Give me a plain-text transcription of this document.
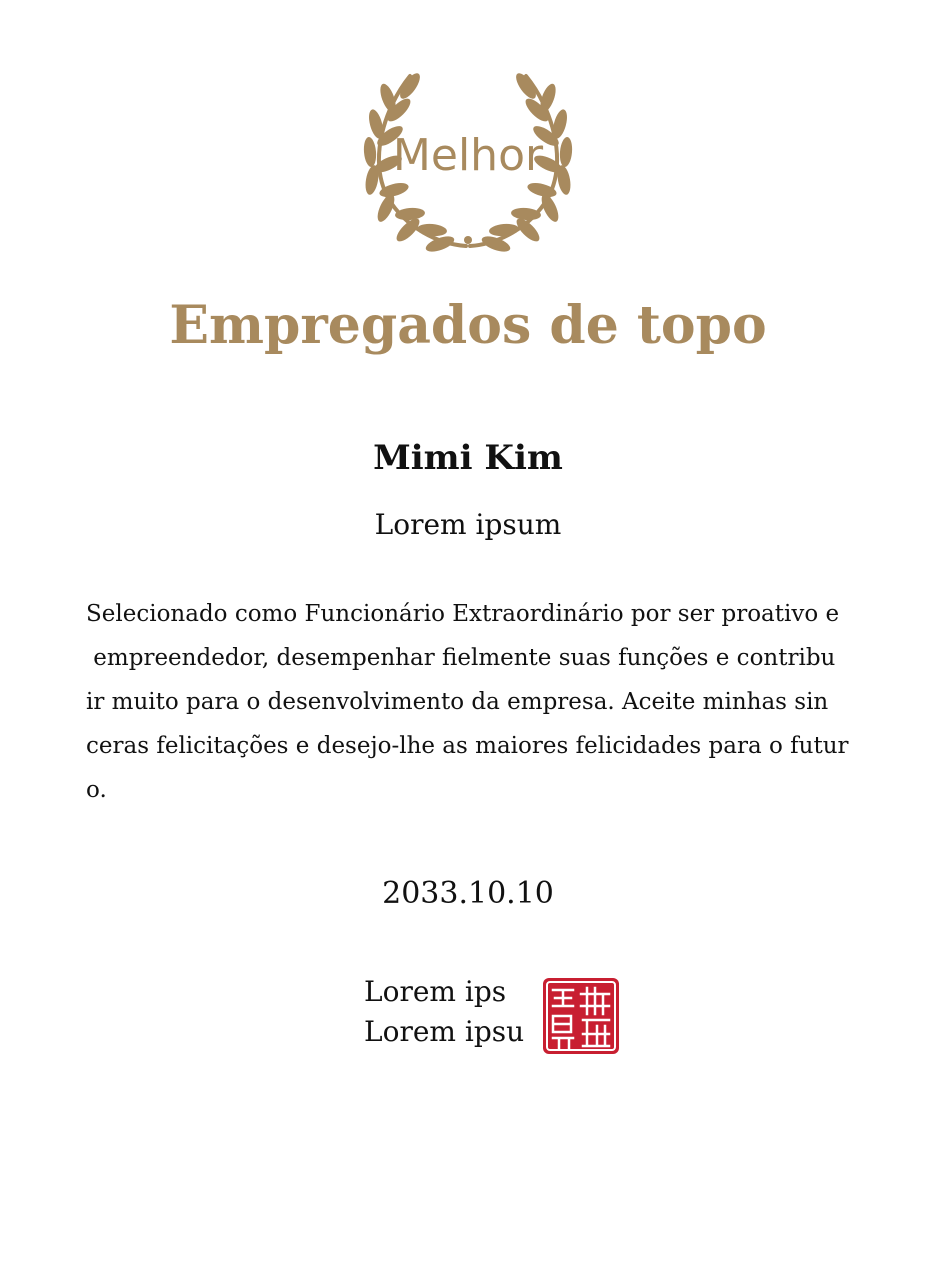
Melhor
Empregados de topo
Mimi Kim
Lorem ipsum
Selecionado como Funcionário Extraordinário por ser proativo e
empreendedor, desempenhar fielmente suas funções e contribu
ir muito para o desenvolvimento da empresa. Aceite minhas sin
ceras felicitações e desejo-lhe as maiores felicidades para o futur
o.
2033.10.10
Lorem ips
Lorem ipsu
